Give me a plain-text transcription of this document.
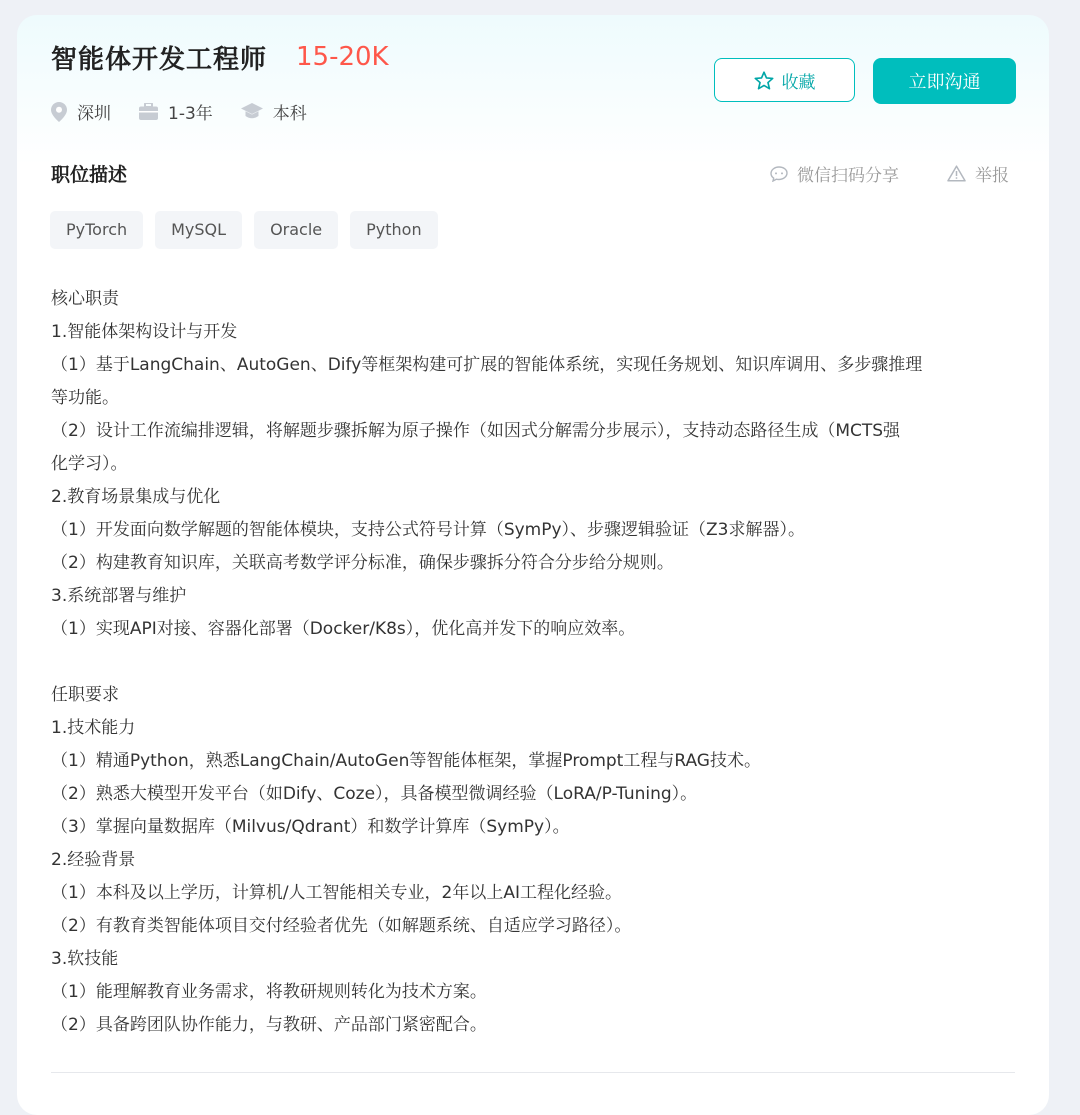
智能体开发工程师 15-20K
深圳	1-3年	本科
收藏	立即沟通
职位描述	微信扫码分享	举报
PyTorch	MySQL	Oracle	Python

核心职责

1.智能体架构设计与开发

（1）基于LangChain、AutoGen、Dify等框架构建可扩展的智能体系统，实现任务规划、知识库调用、多步骤推理

等功能。

（2）设计工作流编排逻辑，将解题步骤拆解为原子操作（如因式分解需分步展示），支持动态路径生成（MCTS强

化学习）。

2.教育场景集成与优化

（1）开发面向数学解题的智能体模块，支持公式符号计算（SymPy）、步骤逻辑验证（Z3求解器）。

（2）构建教育知识库，关联高考数学评分标准，确保步骤拆分符合分步给分规则。

3.系统部署与维护

（1）实现API对接、容器化部署（Docker/K8s），优化高并发下的响应效率。

任职要求

1.技术能力

（1）精通Python，熟悉LangChain/AutoGen等智能体框架，掌握Prompt工程与RAG技术。

（2）熟悉大模型开发平台（如Dify、Coze），具备模型微调经验（LoRA/P-Tuning）。

（3）掌握向量数据库（Milvus/Qdrant）和数学计算库（SymPy）。

2.经验背景

（1）本科及以上学历，计算机/人工智能相关专业，2年以上AI工程化经验。

（2）有教育类智能体项目交付经验者优先（如解题系统、自适应学习路径）。

3.软技能

（1）能理解教育业务需求，将教研规则转化为技术方案。

（2）具备跨团队协作能力，与教研、产品部门紧密配合。
